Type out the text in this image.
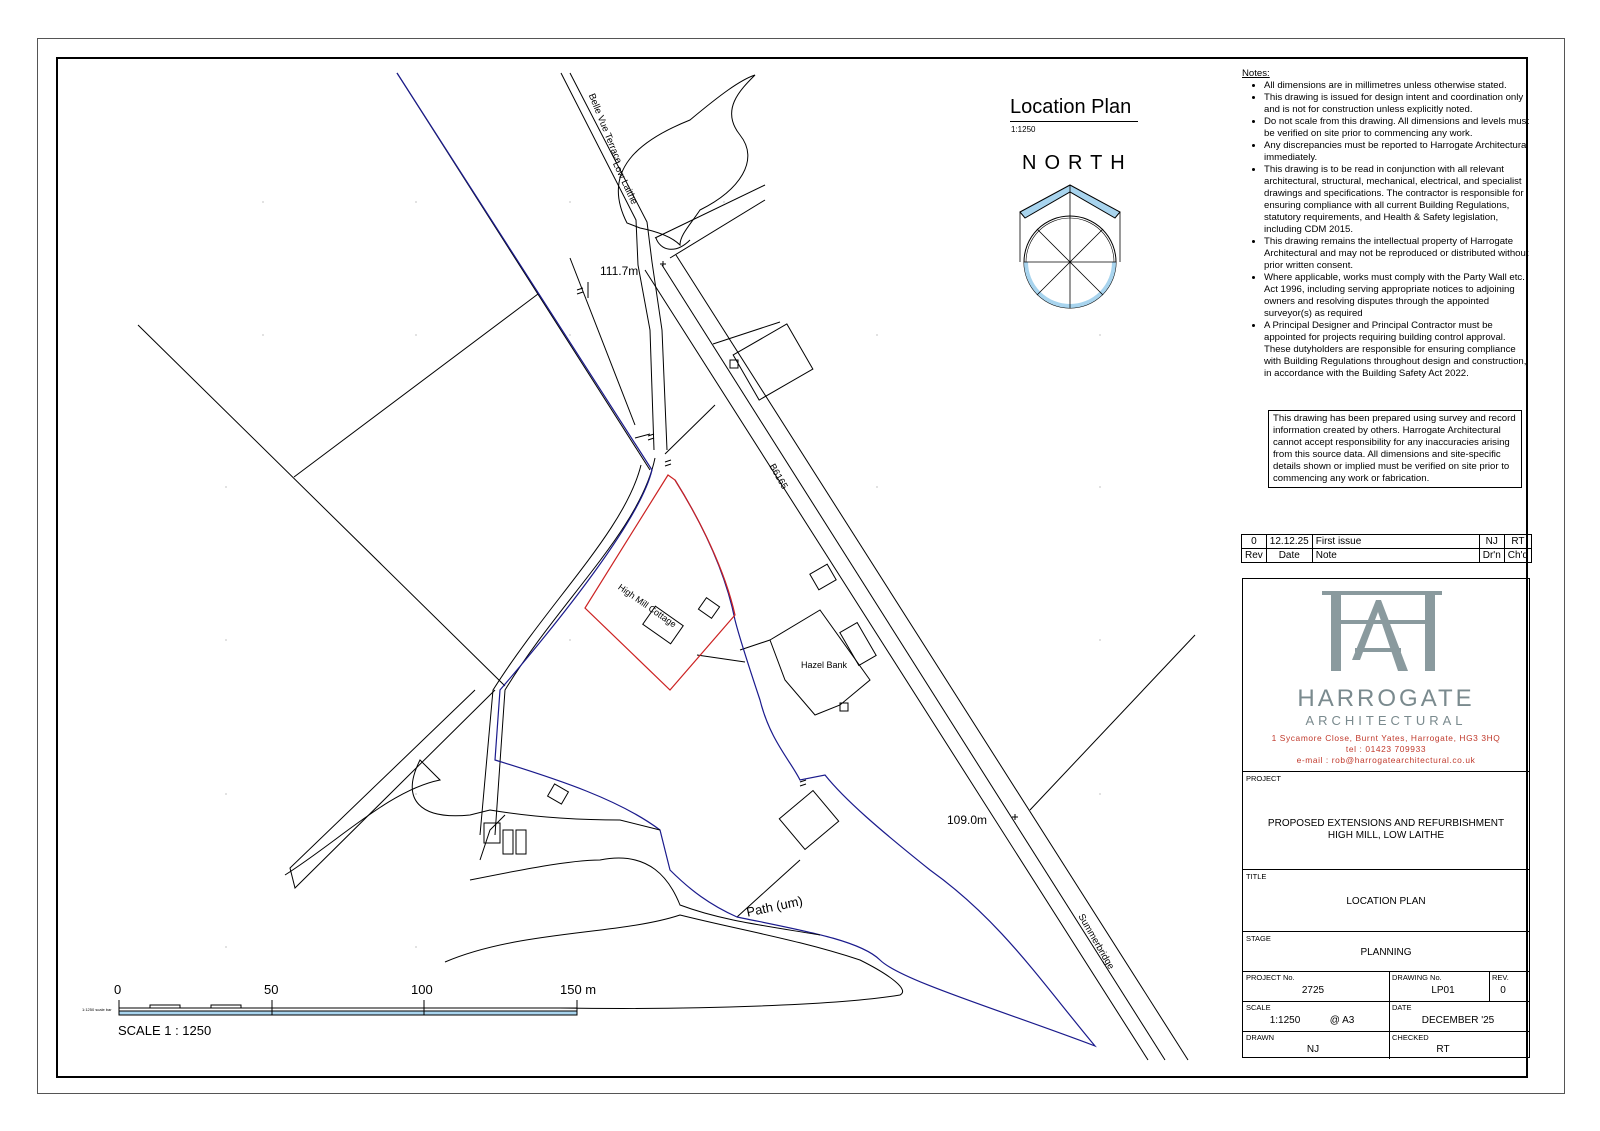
Belle Vue Terrace
Low Laithe
B6165
Summerbridge
High Mill Cottage
Hazel Bank
Path (um)
111.7m
109.0m
Location Plan
1:1250
NORTH
Notes:
• All dimensions are in millimetres unless otherwise stated.
• This drawing is issued for design intent and coordination only and is not for construction unless explicitly noted.
• Do not scale from this drawing. All dimensions and levels must be verified on site prior to commencing any work.
• Any discrepancies must be reported to Harrogate Architectural immediately.
• This drawing is to be read in conjunction with all relevant architectural, structural, mechanical, electrical, and specialist drawings and specifications. The contractor is responsible for ensuring compliance with all current Building Regulations, statutory requirements, and Health & Safety legislation, including CDM 2015.
• This drawing remains the intellectual property of Harrogate Architectural and may not be reproduced or distributed without prior written consent.
• Where applicable, works must comply with the Party Wall etc. Act 1996, including serving appropriate notices to adjoining owners and resolving disputes through the appointed surveyor(s) as required
• A Principal Designer and Principal Contractor must be appointed for projects requiring building control approval. These dutyholders are responsible for ensuring compliance with Building Regulations throughout design and construction, in accordance with the Building Safety Act 2022.
This drawing has been prepared using survey and record information created by others. Harrogate Architectural cannot accept responsibility for any inaccuracies arising from this source data. All dimensions and site-specific details shown or implied must be verified on site prior to commencing any work or fabrication.
0	12.12.25	First issue	NJ	RT
Rev	Date	Note	Dr'n	Ch'd
HARROGATE
ARCHITECTURAL
1 Sycamore Close, Burnt Yates, Harrogate, HG3 3HQ
tel : 01423 709933
e-mail : rob@harrogatearchitectural.co.uk
PROJECT
PROPOSED EXTENSIONS AND REFURBISHMENT
HIGH MILL, LOW LAITHE
TITLE
LOCATION PLAN
STAGE
PLANNING
PROJECT No.
2725
DRAWING No.
LP01
REV.
0
SCALE
1:1250	@ A3
DATE
DECEMBER '25
DRAWN
NJ
CHECKED
RT
0	50	100	150 m
SCALE 1 : 1250
1:1250 scale bar
